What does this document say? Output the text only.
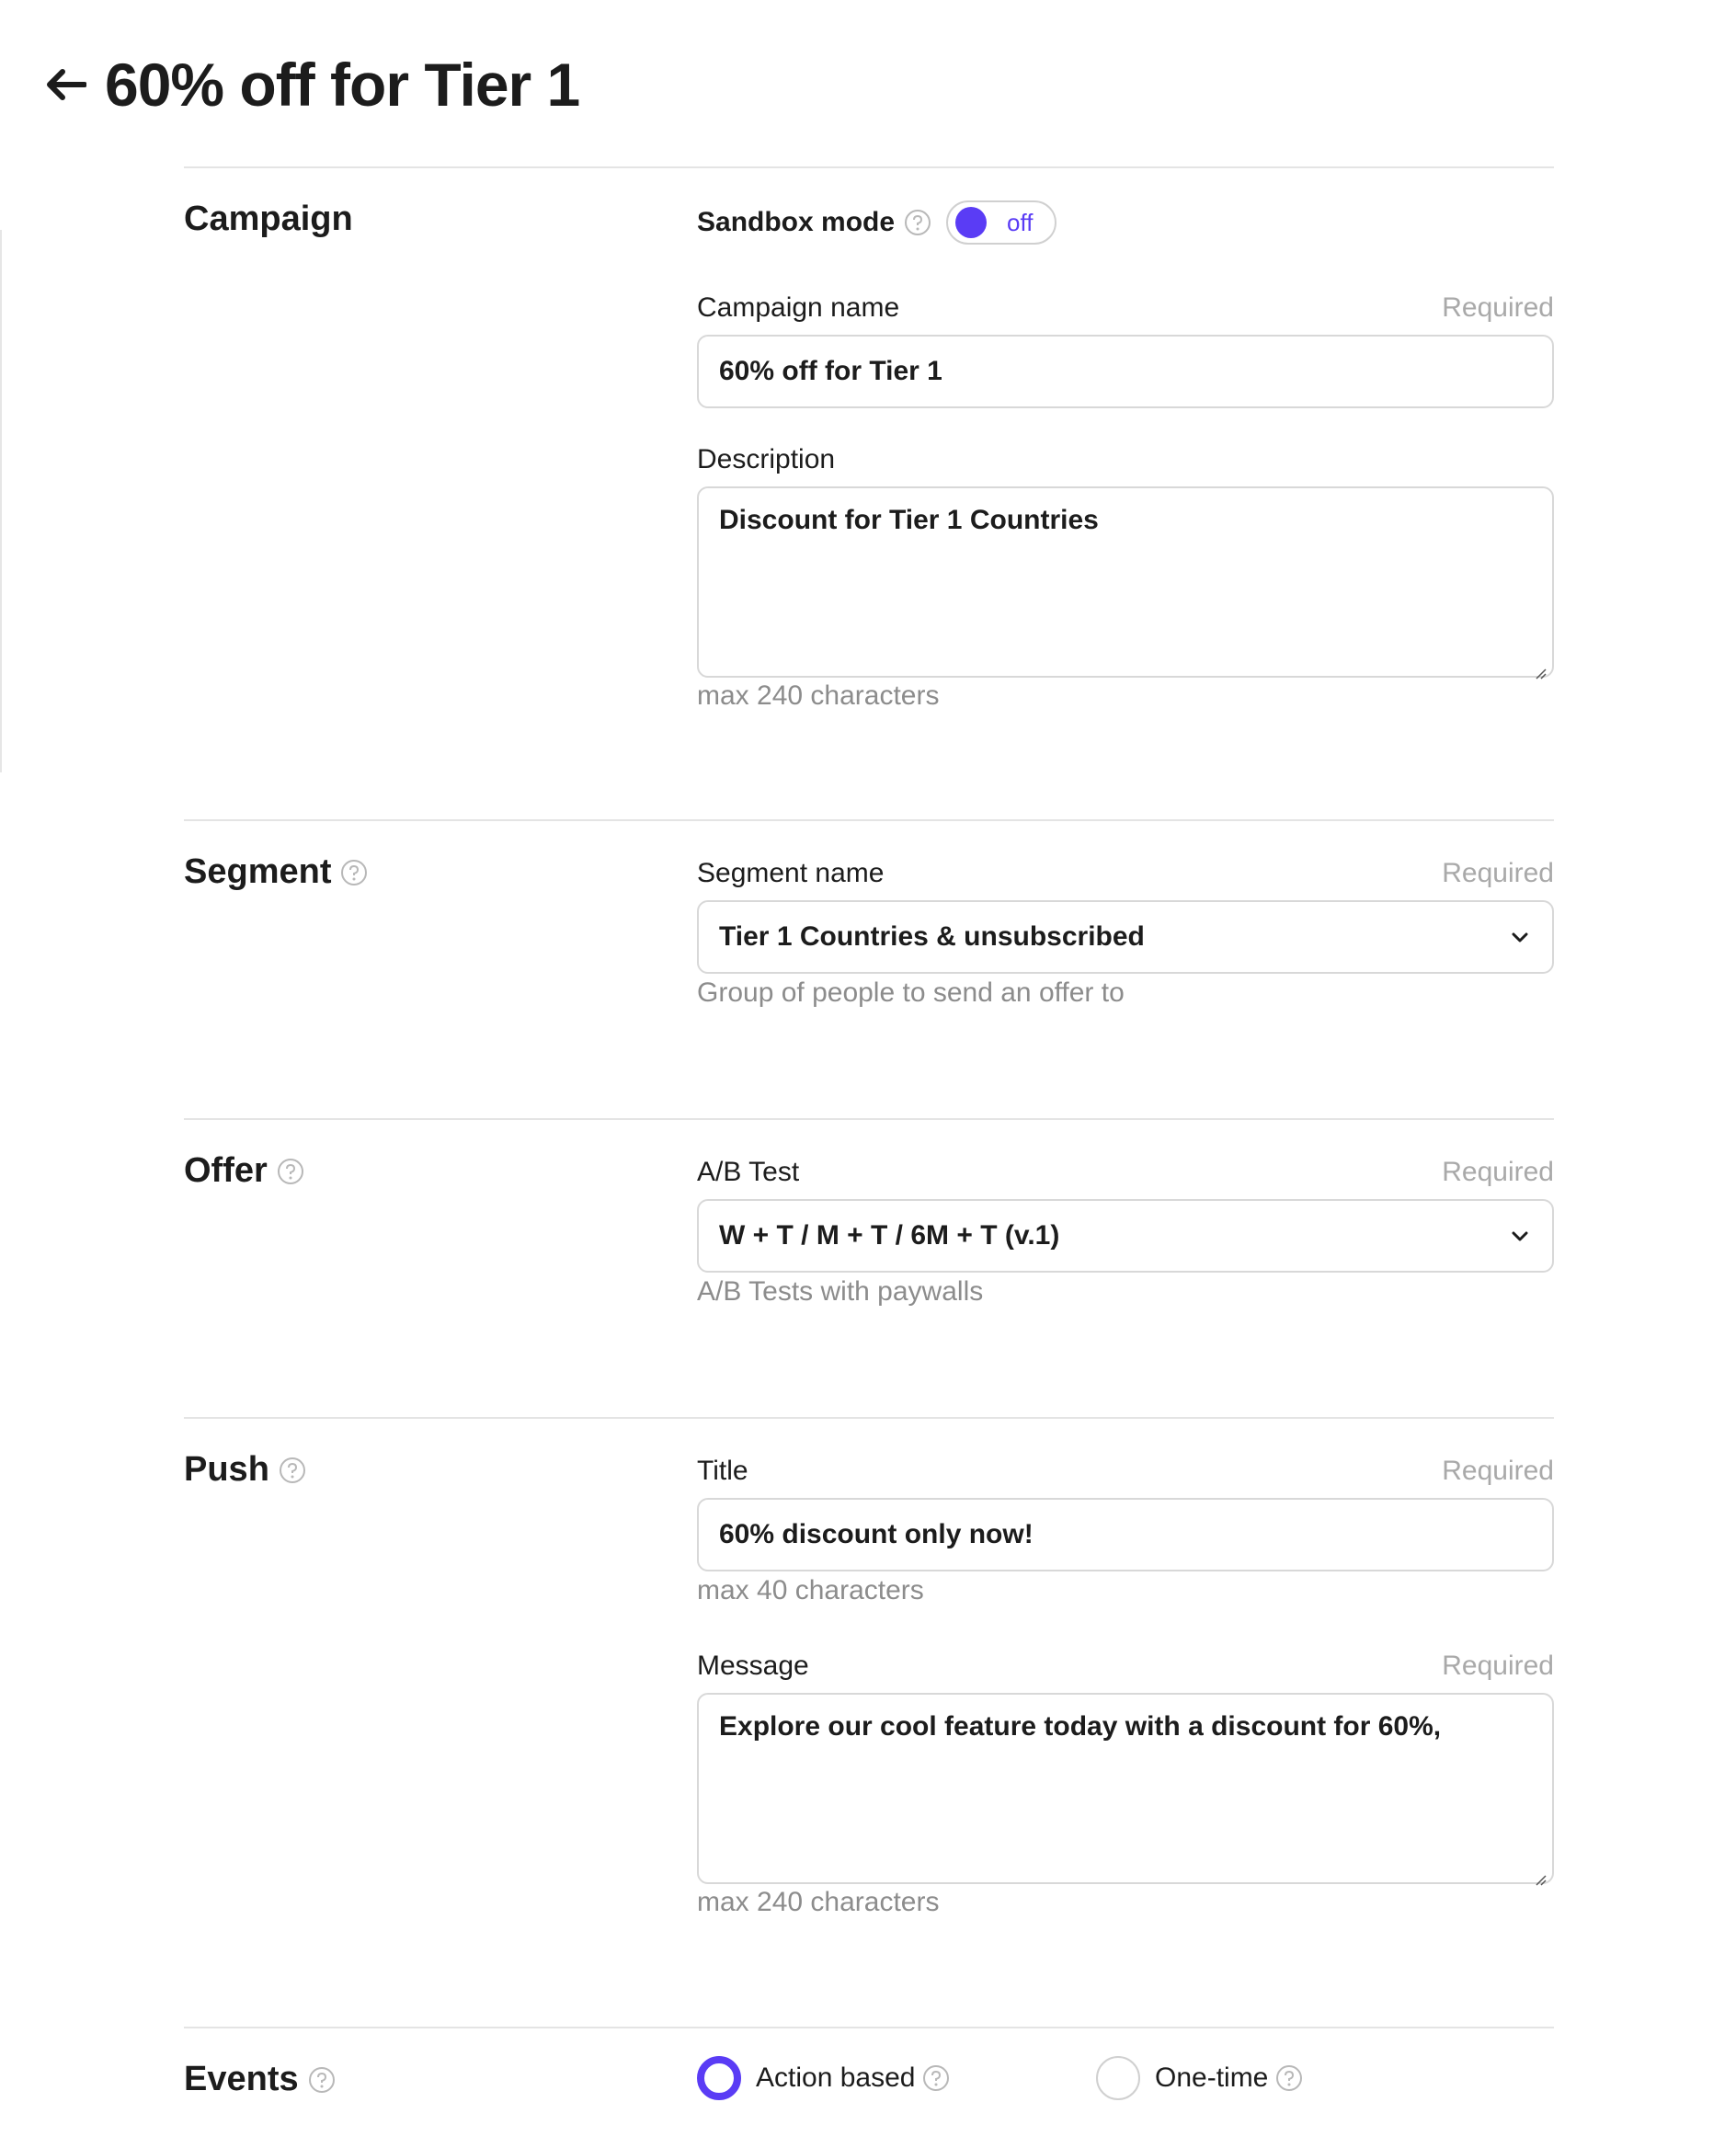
60% off for Tier 1
Campaign	Sandbox mode	off
Campaign name	Required
60% off for Tier 1
Description
Discount for Tier 1 Countries
max 240 characters
Segment	Segment name	Required
Tier 1 Countries & unsubscribed
Group of people to send an offer to
Offer	A/B Test	Required
W + T / M + T / 6M + T (v.1)
A/B Tests with paywalls
Push	Title	Required
60% discount only now!
max 40 characters
Message	Required
Explore our cool feature today with a discount for 60%,
max 240 characters
Events	Action based	One-time
